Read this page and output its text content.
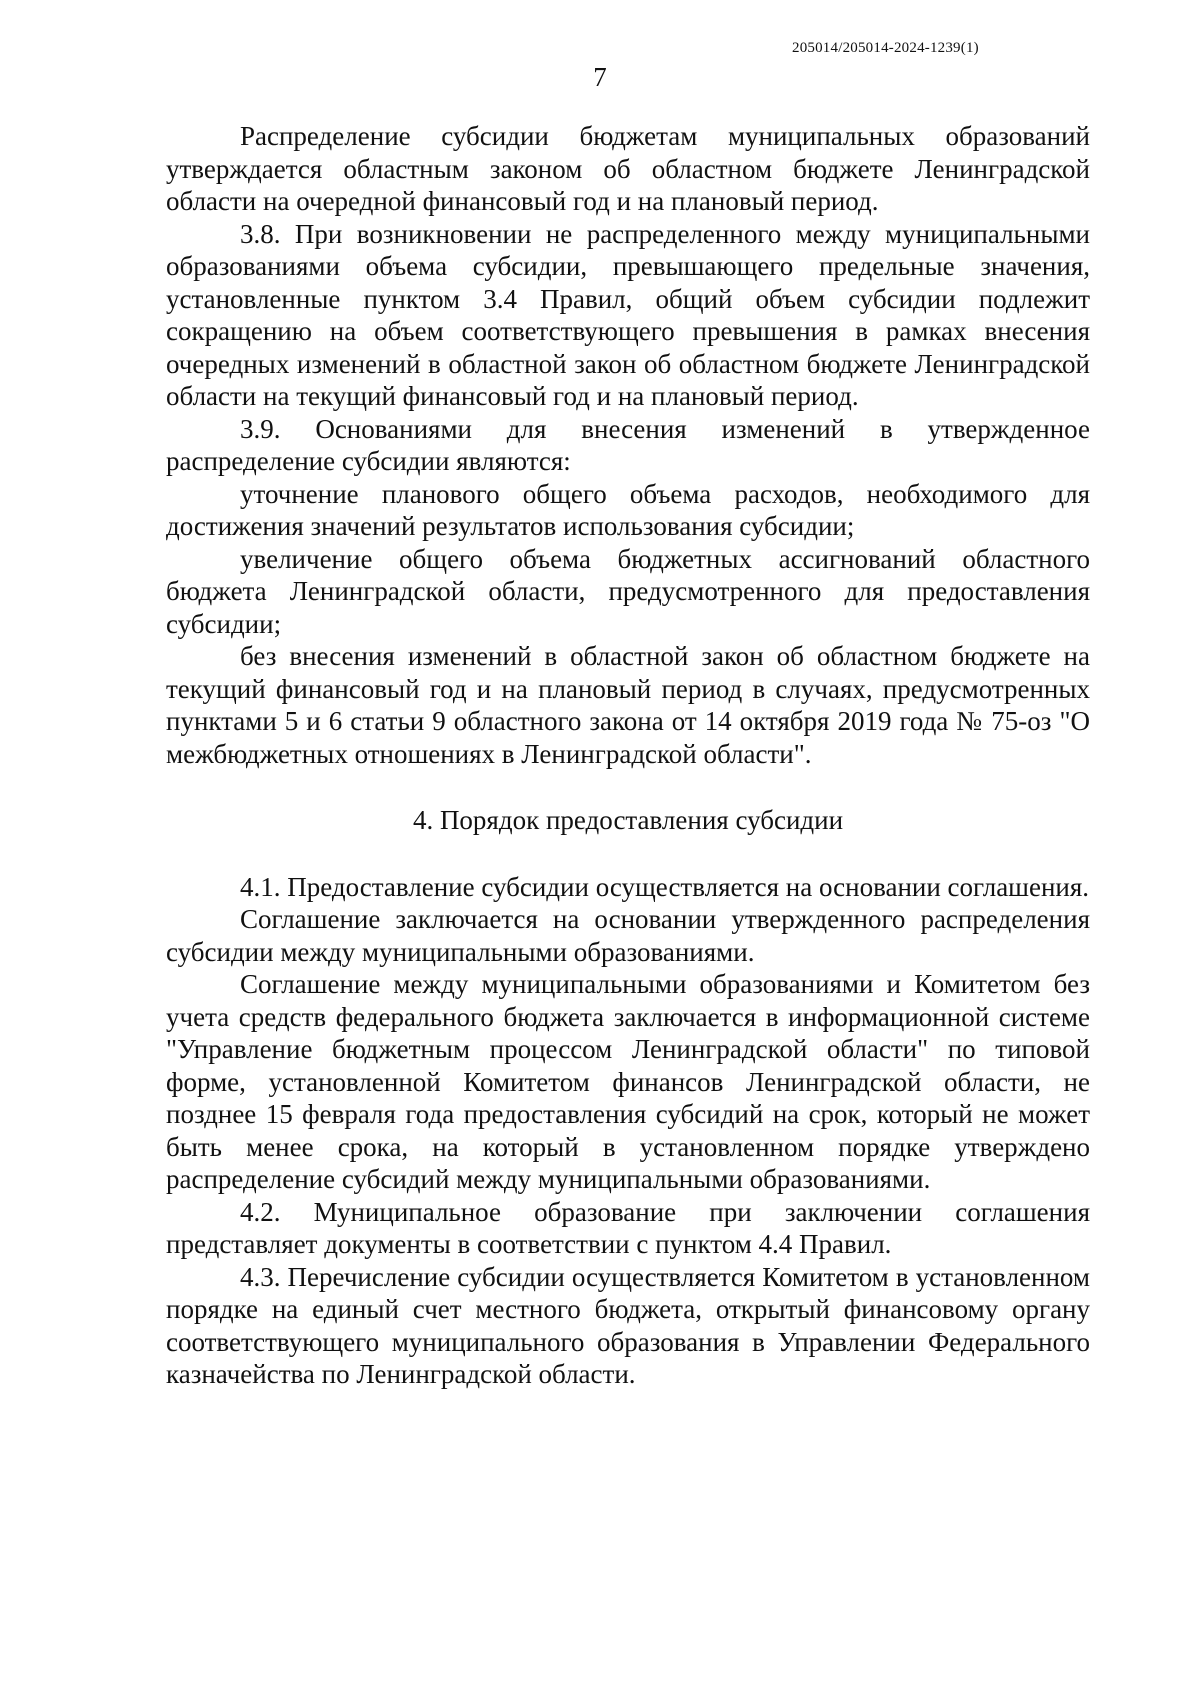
205014/205014-2024-1239(1)
7

Распределение субсидии бюджетам муниципальных образований утверждается областным законом об областном бюджете Ленинградской области на очередной финансовый год и на плановый период.

3.8. При возникновении не распределенного между муниципальными образованиями объема субсидии, превышающего предельные значения, установленные пунктом 3.4 Правил, общий объем субсидии подлежит сокращению на объем соответствующего превышения в рамках внесения очередных изменений в областной закон об областном бюджете Ленинградской области на текущий финансовый год и на плановый период.

3.9. Основаниями для внесения изменений в утвержденное распределение субсидии являются:

уточнение планового общего объема расходов, необходимого для достижения значений результатов использования субсидии;

увеличение общего объема бюджетных ассигнований областного бюджета Ленинградской области, предусмотренного для предоставления субсидии;

без внесения изменений в областной закон об областном бюджете на текущий финансовый год и на плановый период в случаях, предусмотренных пунктами 5 и 6 статьи 9 областного закона от 14 октября 2019 года № 75-оз "О межбюджетных отношениях в Ленинградской области".

4. Порядок предоставления субсидии

4.1. Предоставление субсидии осуществляется на основании соглашения.

Соглашение заключается на основании утвержденного распределения субсидии между муниципальными образованиями.

Соглашение между муниципальными образованиями и Комитетом без учета средств федерального бюджета заключается в информационной системе "Управление бюджетным процессом Ленинградской области" по типовой форме, установленной Комитетом финансов Ленинградской области, не позднее 15 февраля года предоставления субсидий на срок, который не может быть менее срока, на который в установленном порядке утверждено распределение субсидий между муниципальными образованиями.

4.2. Муниципальное образование при заключении соглашения представляет документы в соответствии с пунктом 4.4 Правил.

4.3. Перечисление субсидии осуществляется Комитетом в установленном порядке на единый счет местного бюджета, открытый финансовому органу соответствующего муниципального образования в Управлении Федерального казначейства по Ленинградской области.
